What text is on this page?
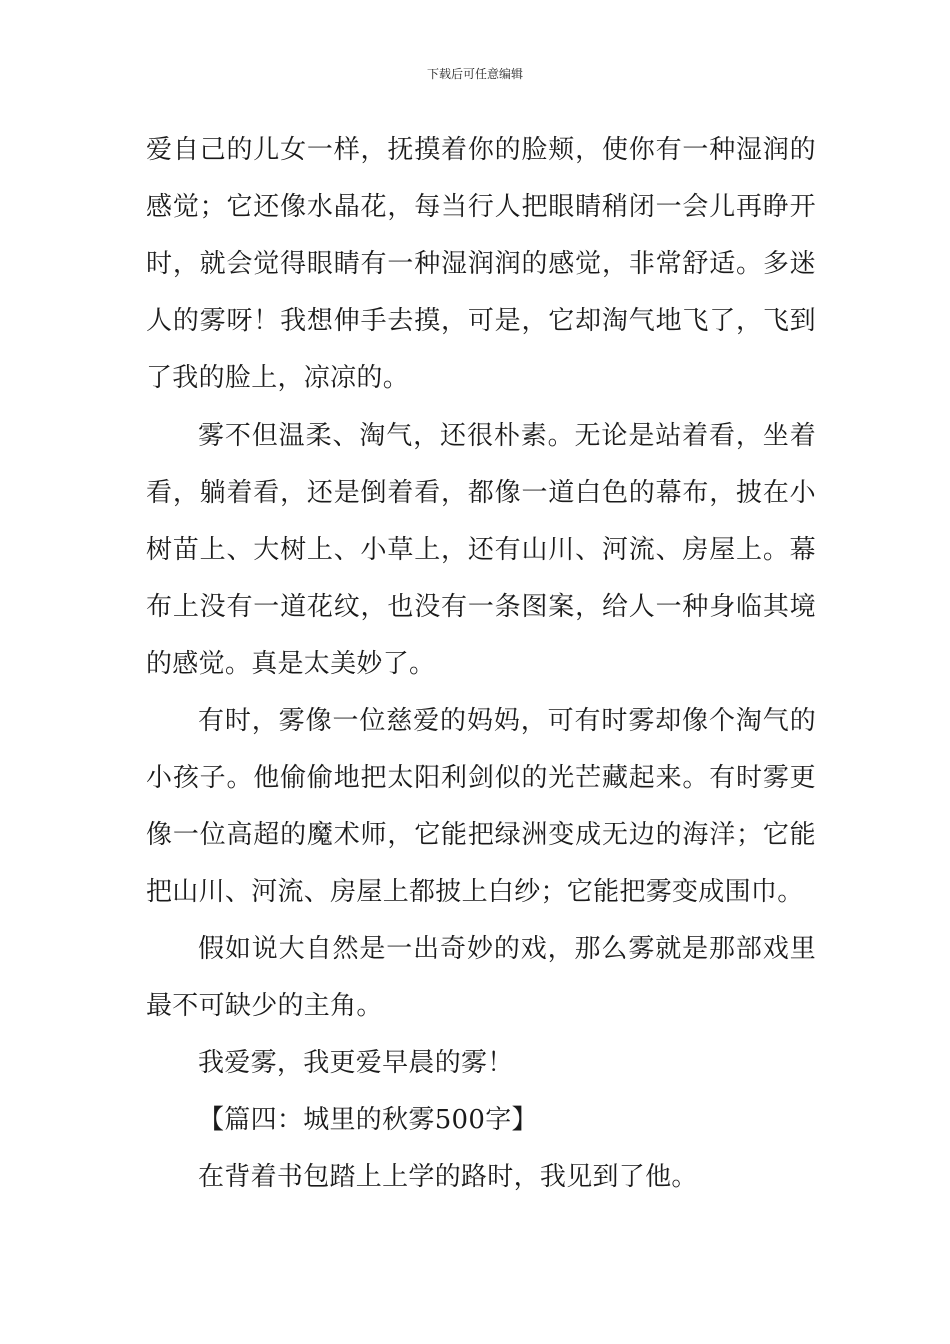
下载后可任意编辑
爱自己的儿女一样，抚摸着你的脸颊，使你有一种湿润的
感觉；它还像水晶花，每当行人把眼睛稍闭一会儿再睁开
时，就会觉得眼睛有一种湿润润的感觉，非常舒适。多迷
人的雾呀！我想伸手去摸，可是，它却淘气地飞了，飞到
了我的脸上，凉凉的。
雾不但温柔、淘气，还很朴素。无论是站着看，坐着
看，躺着看，还是倒着看，都像一道白色的幕布，披在小
树苗上、大树上、小草上，还有山川、河流、房屋上。幕
布上没有一道花纹，也没有一条图案，给人一种身临其境
的感觉。真是太美妙了。
有时，雾像一位慈爱的妈妈，可有时雾却像个淘气的
小孩子。他偷偷地把太阳利剑似的光芒藏起来。有时雾更
像一位高超的魔术师，它能把绿洲变成无边的海洋；它能
把山川、河流、房屋上都披上白纱；它能把雾变成围巾。
假如说大自然是一出奇妙的戏，那么雾就是那部戏里
最不可缺少的主角。
我爱雾，我更爱早晨的雾！
【篇四：城里的秋雾500字】
在背着书包踏上上学的路时，我见到了他。
